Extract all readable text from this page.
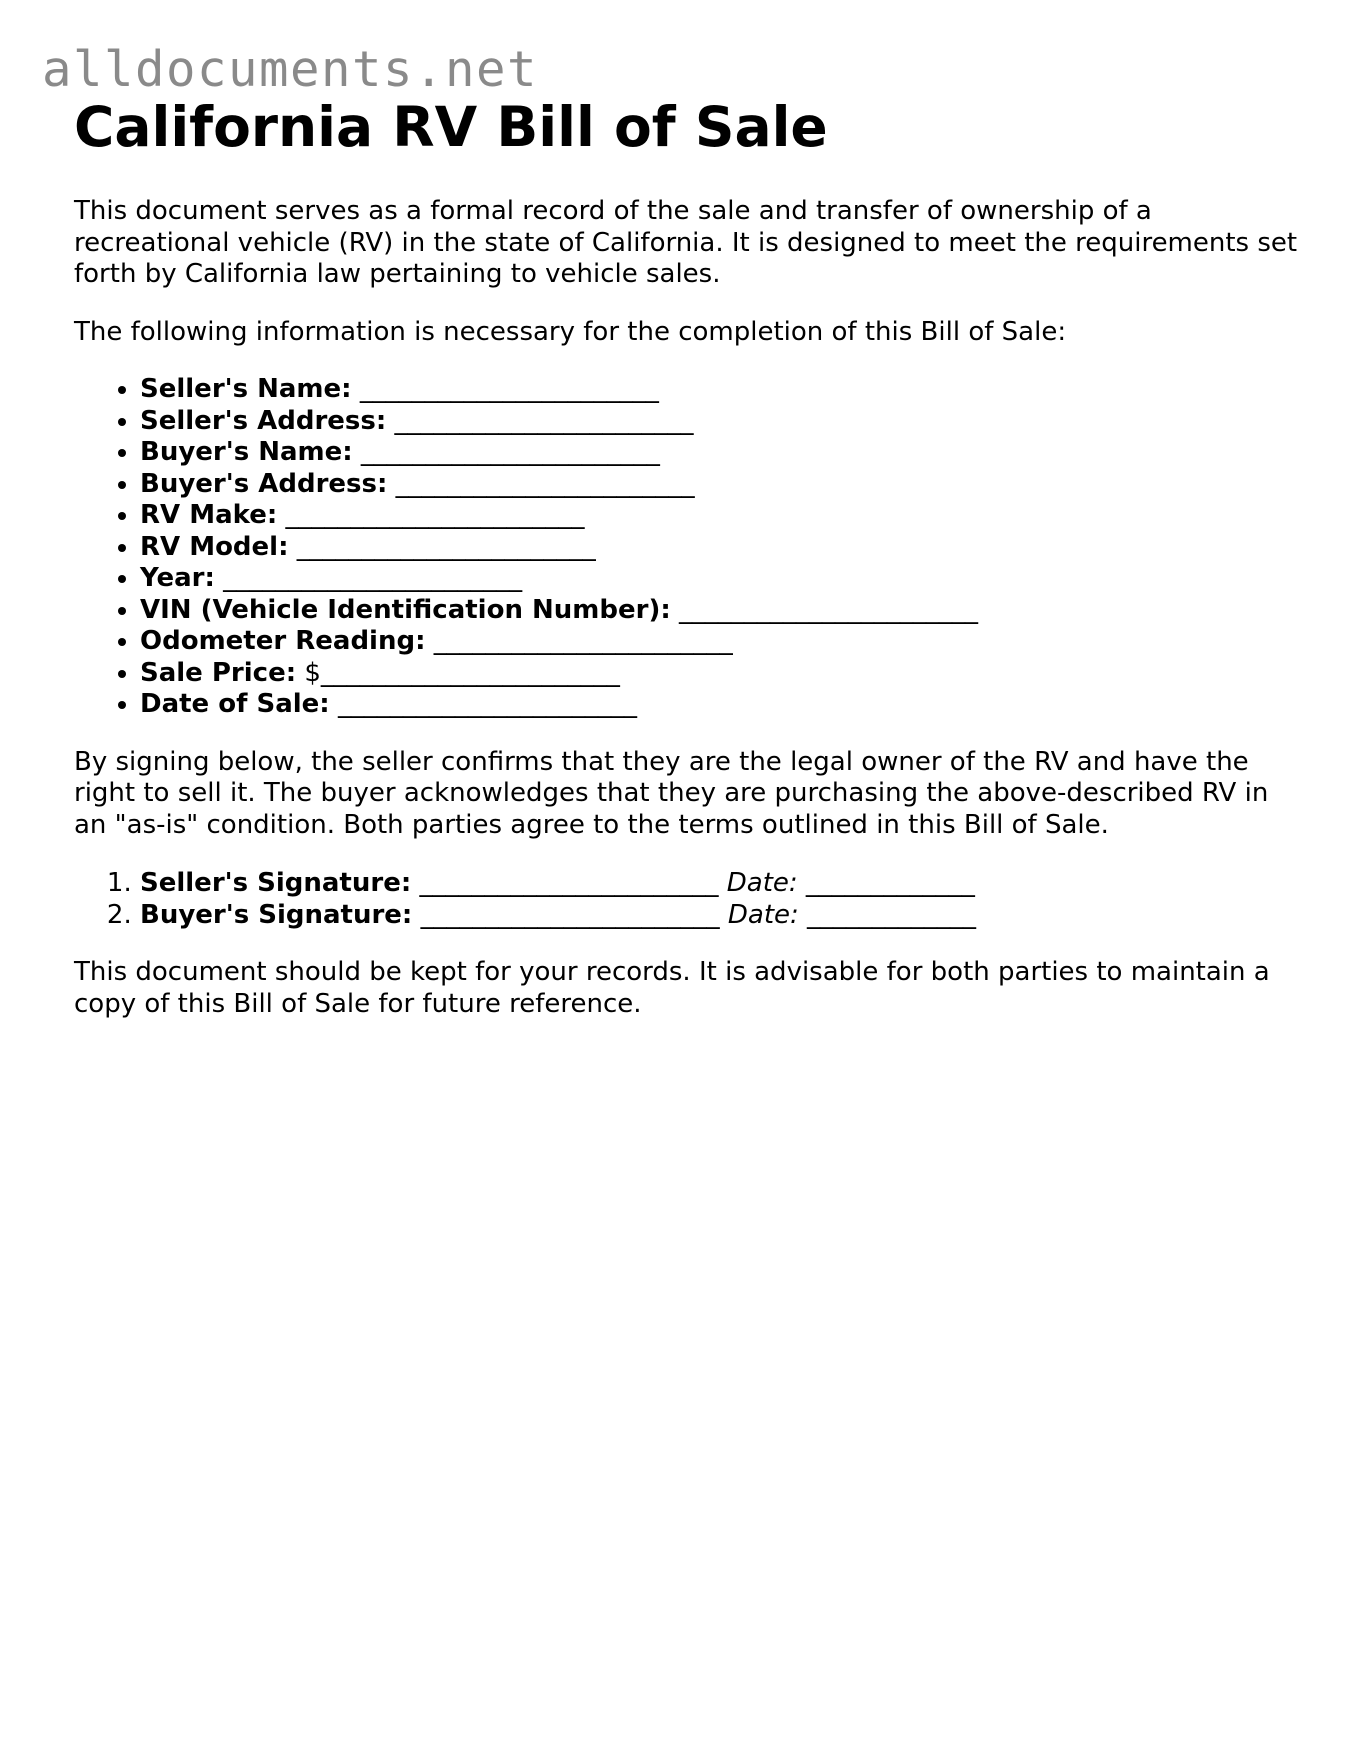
alldocuments.net
California RV Bill of Sale

This document serves as a formal record of the sale and transfer of ownership of a recreational vehicle (RV) in the state of California. It is designed to meet the requirements set forth by California law pertaining to vehicle sales.

The following information is necessary for the completion of this Bill of Sale:

• Seller's Name: _______________________
• Seller's Address: _______________________
• Buyer's Name: _______________________
• Buyer's Address: _______________________
• RV Make: _______________________
• RV Model: _______________________
• Year: _______________________
• VIN (Vehicle Identification Number): _______________________
• Odometer Reading: _______________________
• Sale Price: $_______________________
• Date of Sale: _______________________

By signing below, the seller confirms that they are the legal owner of the RV and have the right to sell it. The buyer acknowledges that they are purchasing the above-described RV in an "as-is" condition. Both parties agree to the terms outlined in this Bill of Sale.

1. Seller's Signature: _______________________ Date: _____________
2. Buyer's Signature: _______________________ Date: _____________

This document should be kept for your records. It is advisable for both parties to maintain a copy of this Bill of Sale for future reference.
